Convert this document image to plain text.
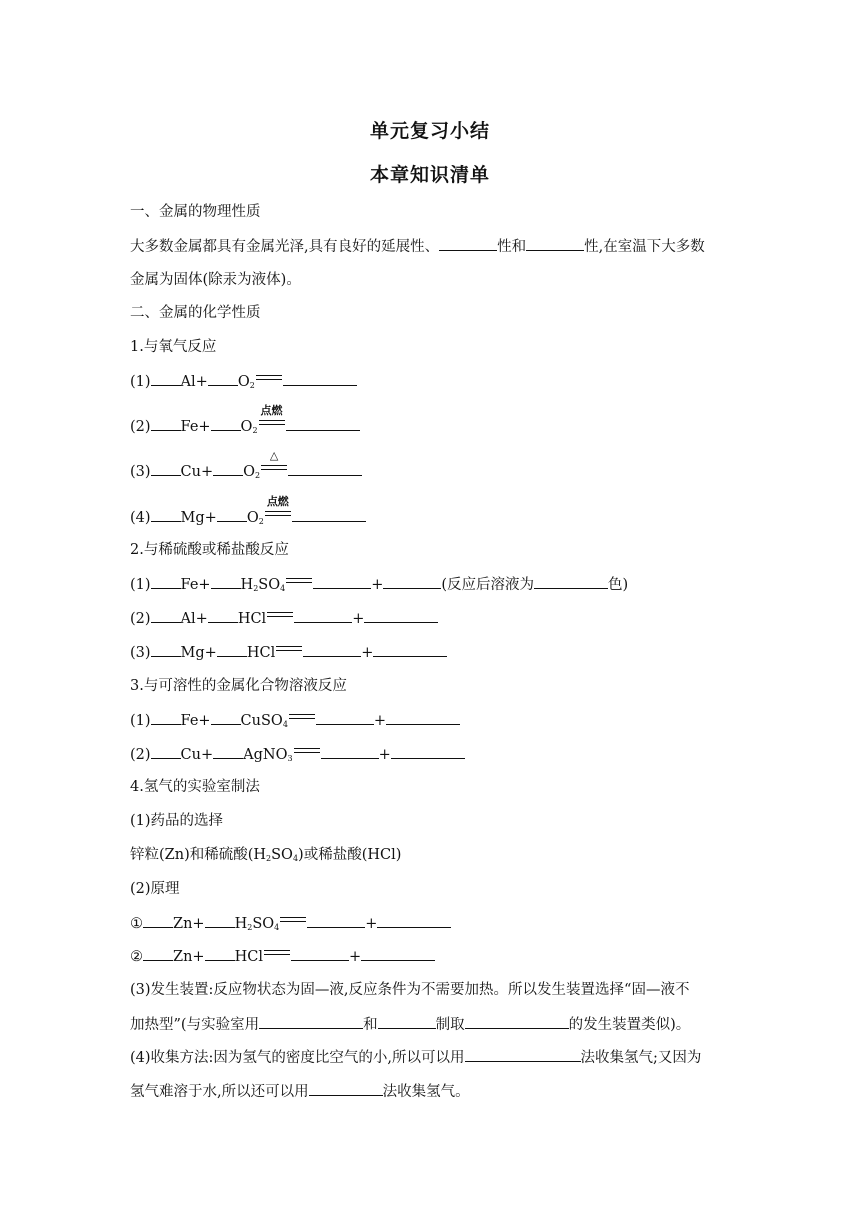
单元复习小结
本章知识清单
一、金属的物理性质
大多数金属都具有金属光泽,具有良好的延展性、	性和	性,在室温下大多数
金属为固体(除汞为液体)。
二、金属的化学性质
1.与氧气反应
(1) $Al+ O_2$
(2) $Fe+ O_2$
点燃
(3) $Cu+ O_2$
△
(4) $Mg+ O_2$
点燃
2.与稀硫酸或稀盐酸反应
(1) $Fe+ H_2SO_4$	+	(反应后溶液为	色)
(2) Al+ HCl	+
(3) Mg+ HCl	+
3.与可溶性的金属化合物溶液反应
(1) Fe+ CuSO$_4$	+
(2) Cu+ AgNO$_3$	+
4.氢气的实验室制法
(1)药品的选择
锌粒(Zn)和稀硫酸$(H_2SO_4)$或稀盐酸(HCl)
(2)原理
① $Zn+ H_2SO_4$	+
② Zn+ HCl	+
(3)发生装置:反应物状态为固—液,反应条件为不需要加热。所以发生装置选择“固—液不
加热型”(与实验室用	和	制取	的发生装置类似)。
(4)收集方法:因为氢气的密度比空气的小,所以可以用	法收集氢气;又因为
氢气难溶于水,所以还可以用	法收集氢气。
